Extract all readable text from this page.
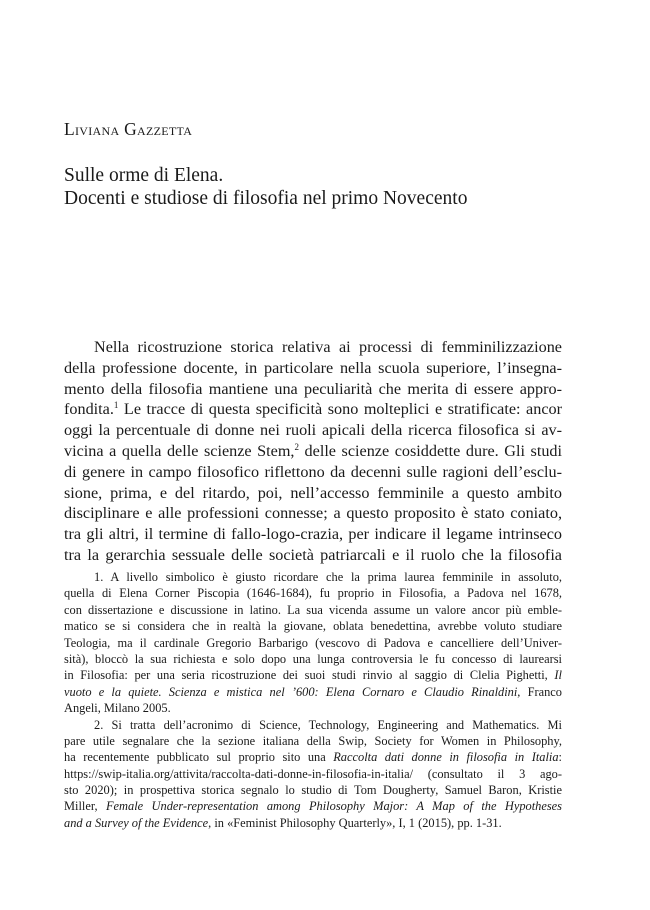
Liviana Gazzetta

Sulle orme di Elena.
Docenti e studiose di filosofia nel primo Novecento
Nella ricostruzione storica relativa ai processi di femminilizzazione
della professione docente, in particolare nella scuola superiore, l’insegna-
mento della filosofia mantiene una peculiarità che merita di essere appro-
fondita.$^1$ Le tracce di questa specificità sono molteplici e stratificate: ancor
oggi la percentuale di donne nei ruoli apicali della ricerca filosofica si av-
vicina a quella delle scienze Stem,$^2$ delle scienze cosiddette dure. Gli studi
di genere in campo filosofico riflettono da decenni sulle ragioni dell’esclu-
sione, prima, e del ritardo, poi, nell’accesso femminile a questo ambito
disciplinare e alle professioni connesse; a questo proposito è stato coniato,
tra gli altri, il termine di fallo-logo-crazia, per indicare il legame intrinseco
tra la gerarchia sessuale delle società patriarcali e il ruolo che la filosofia
1. A livello simbolico è giusto ricordare che la prima laurea femminile in assoluto,
quella di Elena Corner Piscopia (1646-1684), fu proprio in Filosofia, a Padova nel 1678,
con dissertazione e discussione in latino. La sua vicenda assume un valore ancor più emble-
matico se si considera che in realtà la giovane, oblata benedettina, avrebbe voluto studiare
Teologia, ma il cardinale Gregorio Barbarigo (vescovo di Padova e cancelliere dell’Univer-
sità), bloccò la sua richiesta e solo dopo una lunga controversia le fu concesso di laurearsi
in Filosofia: per una seria ricostruzione dei suoi studi rinvio al saggio di Clelia Pighetti, Il
vuoto e la quiete. Scienza e mistica nel ’600: Elena Cornaro e Claudio Rinaldini, Franco
Angeli, Milano 2005.
2. Si tratta dell’acronimo di Science, Technology, Engineering and Mathematics. Mi
pare utile segnalare che la sezione italiana della Swip, Society for Women in Philosophy,
ha recentemente pubblicato sul proprio sito una Raccolta dati donne in filosofia in Italia:
https://swip-italia.org/attivita/raccolta-dati-donne-in-filosofia-in-italia/ (consultato il 3 ago-
sto 2020); in prospettiva storica segnalo lo studio di Tom Dougherty, Samuel Baron, Kristie
Miller, Female Under-representation among Philosophy Major: A Map of the Hypotheses
and a Survey of the Evidence, in «Feminist Philosophy Quarterly», I, 1 (2015), pp. 1-31.
